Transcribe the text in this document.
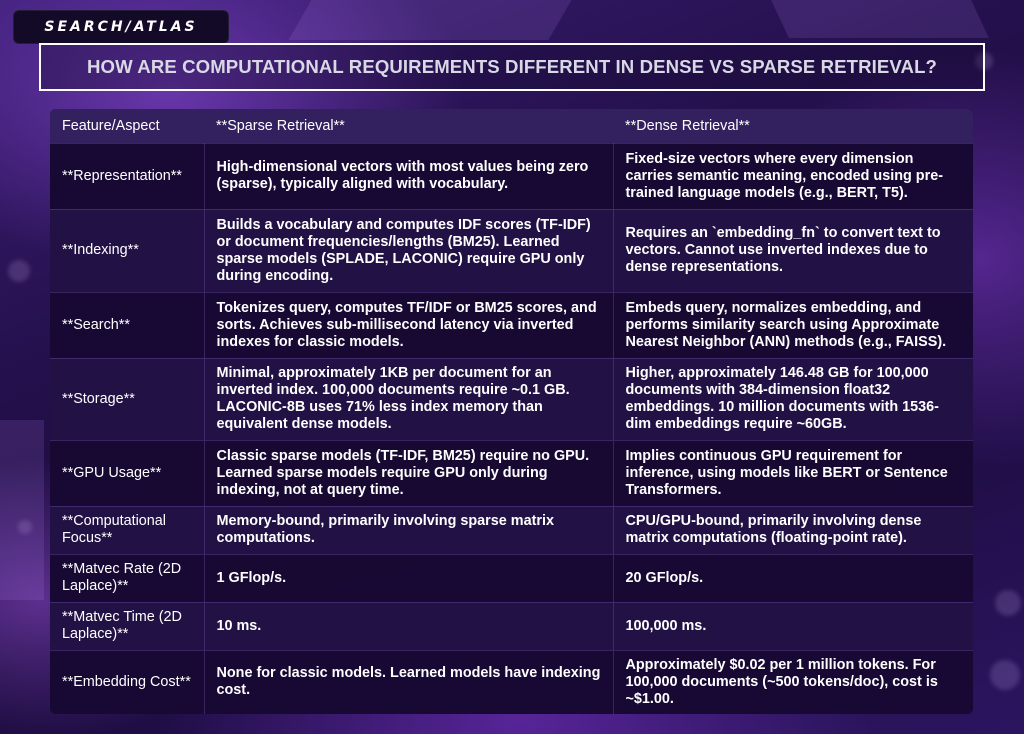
SEARCH/ATLAS
HOW ARE COMPUTATIONAL REQUIREMENTS DIFFERENT IN DENSE VS SPARSE RETRIEVAL?
Feature/Aspect	**Sparse Retrieval**	**Dense Retrieval**
**Representation**	High-dimensional vectors with most values being zero (sparse), typically aligned with vocabulary.	Fixed-size vectors where every dimension carries semantic meaning, encoded using pre-trained language models (e.g., BERT, T5).
**Indexing**	Builds a vocabulary and computes IDF scores (TF-IDF) or document frequencies/lengths (BM25). Learned sparse models (SPLADE, LACONIC) require GPU only during encoding.	Requires an `embedding_fn` to convert text to vectors. Cannot use inverted indexes due to dense representations.
**Search**	Tokenizes query, computes TF/IDF or BM25 scores, and sorts. Achieves sub-millisecond latency via inverted indexes for classic models.	Embeds query, normalizes embedding, and performs similarity search using Approximate Nearest Neighbor (ANN) methods (e.g., FAISS).
**Storage**	Minimal, approximately 1KB per document for an inverted index. 100,000 documents require ~0.1 GB. LACONIC-8B uses 71% less index memory than equivalent dense models.	Higher, approximately 146.48 GB for 100,000 documents with 384-dimension float32 embeddings. 10 million documents with 1536-dim embeddings require ~60GB.
**GPU Usage**	Classic sparse models (TF-IDF, BM25) require no GPU. Learned sparse models require GPU only during indexing, not at query time.	Implies continuous GPU requirement for inference, using models like BERT or Sentence Transformers.
**Computational Focus**	Memory-bound, primarily involving sparse matrix computations.	CPU/GPU-bound, primarily involving dense matrix computations (floating-point rate).
**Matvec Rate (2D Laplace)**	1 GFlop/s.	20 GFlop/s.
**Matvec Time (2D Laplace)**	10 ms.	100,000 ms.
**Embedding Cost**	None for classic models. Learned models have indexing cost.	Approximately $0.02 per 1 million tokens. For 100,000 documents (~500 tokens/doc), cost is ~$1.00.
